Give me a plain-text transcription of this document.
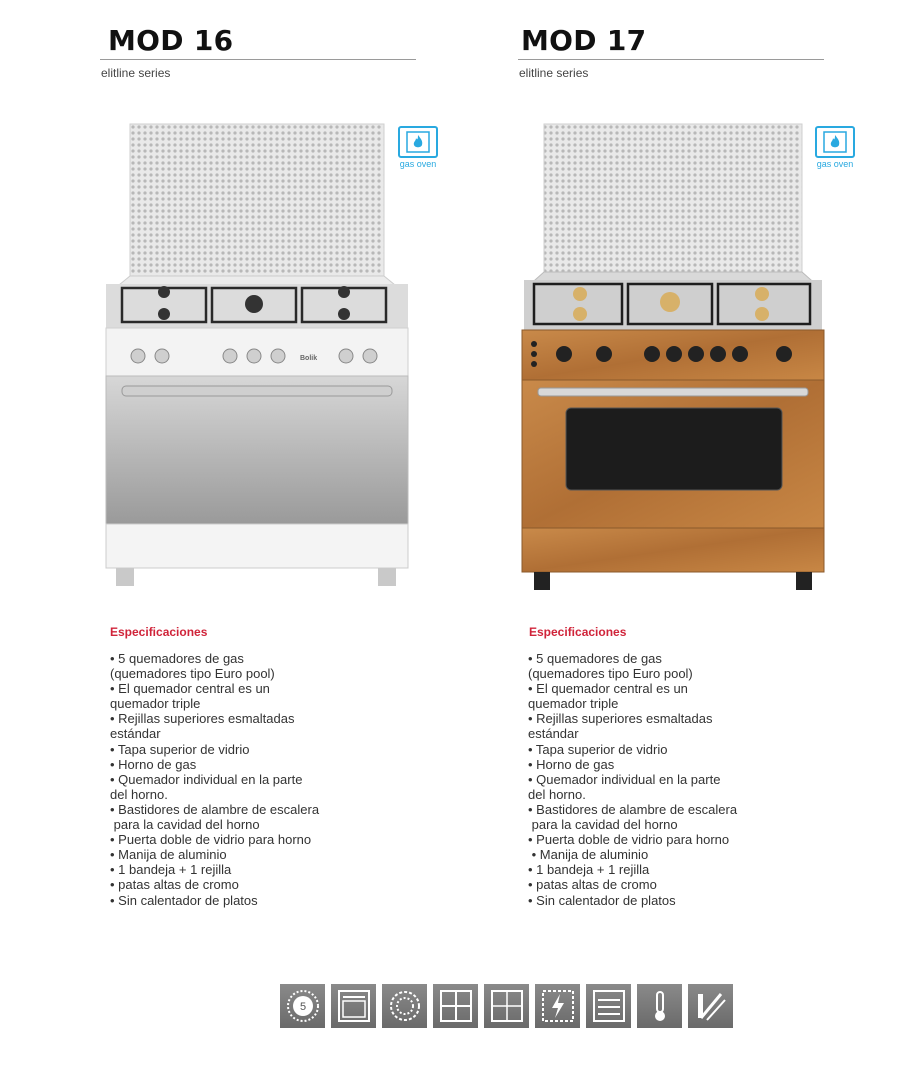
MOD 16
elitline series
gas oven
Bolik
Especificaciones
• 5 quemadores de gas
(quemadores tipo Euro pool)
• El quemador central es un
quemador triple
• Rejillas superiores esmaltadas
estándar
• Tapa superior de vidrio
• Horno de gas
• Quemador individual en la parte
del horno.
• Bastidores de alambre de escalera
para la cavidad del horno
• Puerta doble de vidrio para horno
• Manija de aluminio
• 1 bandeja + 1 rejilla
• patas altas de cromo
• Sin calentador de platos
MOD 17
elitline series
gas oven
Especificaciones
• 5 quemadores de gas
(quemadores tipo Euro pool)
• El quemador central es un
quemador triple
• Rejillas superiores esmaltadas
estándar
• Tapa superior de vidrio
• Horno de gas
• Quemador individual en la parte
del horno.
• Bastidores de alambre de escalera
para la cavidad del horno
• Puerta doble de vidrio para horno
• Manija de aluminio
• 1 bandeja + 1 rejilla
• patas altas de cromo
• Sin calentador de platos
5
